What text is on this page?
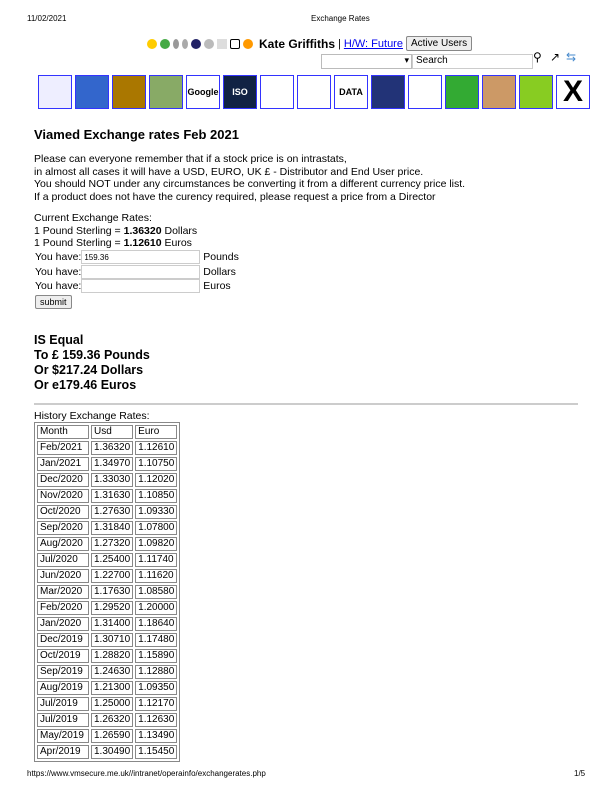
11/02/2021	Exchange Rates
Kate Griffiths | H/W: Future Active Users
▾ Search	⚲ ↗ ⇆
Google	ISO	DATA	X
Viamed Exchange rates Feb 2021
Please can everyone remember that if a stock price is on intrastats,
in almost all cases it will have a USD, EURO, UK £ - Distributor and End User price.
You should NOT under any circumstances be converting it from a different currency price list.
If a product does not have the curency required, please request a price from a Director
Current Exchange Rates:
1 Pound Sterling = 1.36320 Dollars
1 Pound Sterling = 1.12610 Euros
You have: 159.36	Pounds
You have:	Dollars
You have:	Euros
submit
IS Equal
To £ 159.36 Pounds
Or $217.24 Dollars
Or e179.46 Euros
History Exchange Rates:
Month	Usd	Euro
Feb/2021	1.36320	1.12610
Jan/2021	1.34970	1.10750
Dec/2020	1.33030	1.12020
Nov/2020	1.31630	1.10850
Oct/2020	1.27630	1.09330
Sep/2020	1.31840	1.07800
Aug/2020	1.27320	1.09820
Jul/2020	1.25400	1.11740
Jun/2020	1.22700	1.11620
Mar/2020	1.17630	1.08580
Feb/2020	1.29520	1.20000
Jan/2020	1.31400	1.18640
Dec/2019	1.30710	1.17480
Oct/2019	1.28820	1.15890
Sep/2019	1.24630	1.12880
Aug/2019	1.21300	1.09350
Jul/2019	1.25000	1.12170
Jul/2019	1.26320	1.12630
May/2019	1.26590	1.13490
Apr/2019	1.30490	1.15450
https://www.vmsecure.me.uk//intranet/operainfo/exchangerates.php	1/5
